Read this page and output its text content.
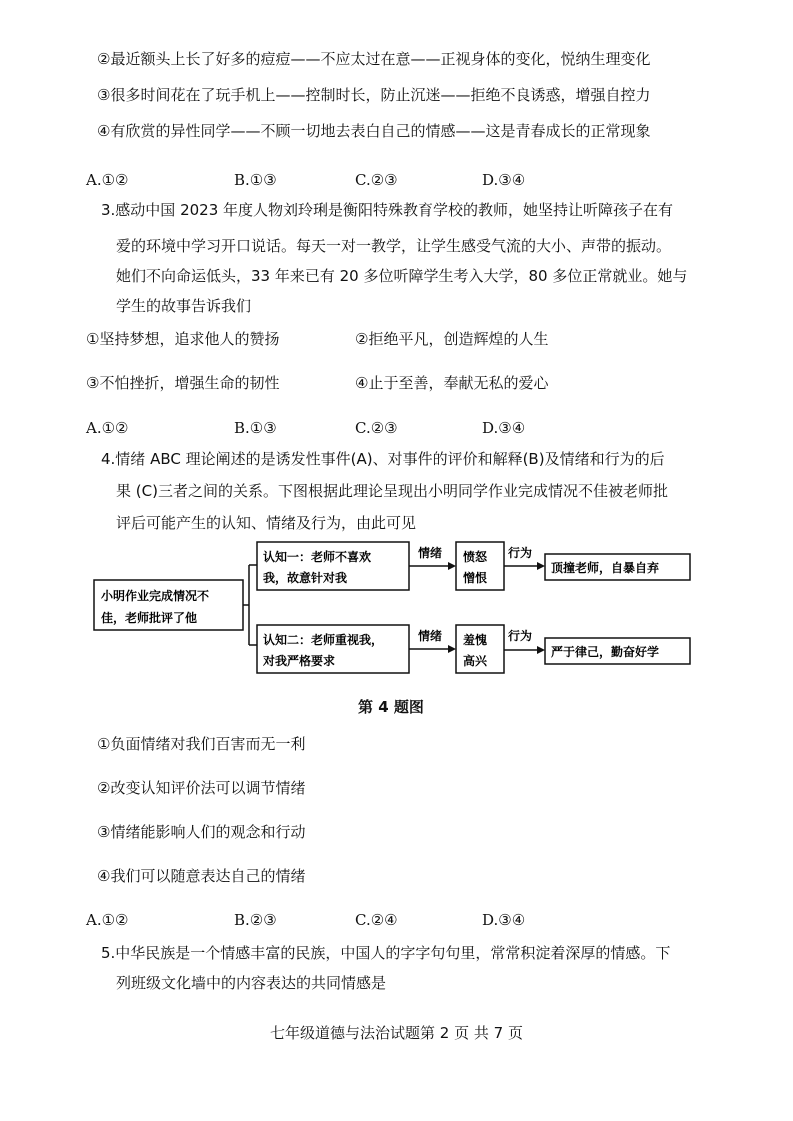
②最近额头上长了好多的痘痘——不应太过在意——正视身体的变化，悦纳生理变化
③很多时间花在了玩手机上——控制时长，防止沉迷——拒绝不良诱惑，增强自控力
④有欣赏的异性同学——不顾一切地去表白自己的情感——这是青春成长的正常现象
A.①②	B.①③	C.②③	D.③④
3.感动中国 2023 年度人物刘玲琍是衡阳特殊教育学校的教师，她坚持让听障孩子在有
爱的环境中学习开口说话。每天一对一教学，让学生感受气流的大小、声带的振动。
她们不向命运低头，33 年来已有 20 多位听障学生考入大学，80 多位正常就业。她与
学生的故事告诉我们
①坚持梦想，追求他人的赞扬	②拒绝平凡，创造辉煌的人生
③不怕挫折，增强生命的韧性	④止于至善，奉献无私的爱心
A.①②	B.①③	C.②③	D.③④
4.情绪 ABC 理论阐述的是诱发性事件(A)、对事件的评价和解释(B)及情绪和行为的后
果 (C)三者之间的关系。下图根据此理论呈现出小明同学作业完成情况不佳被老师批
评后可能产生的认知、情绪及行为，由此可见
小明作业完成情况不
佳，老师批评了他
认知一：老师不喜欢
我，故意针对我
认知二：老师重视我，
对我严格要求
情绪
情绪
行为
行为
愤怒
憎恨
羞愧
高兴
顶撞老师，自暴自弃
严于律己，勤奋好学
第 4 题图
①负面情绪对我们百害而无一利
②改变认知评价法可以调节情绪
③情绪能影响人们的观念和行动
④我们可以随意表达自己的情绪
A.①②	B.②③	C.②④	D.③④
5.中华民族是一个情感丰富的民族，中国人的字字句句里，常常积淀着深厚的情感。下
列班级文化墙中的内容表达的共同情感是
七年级道德与法治试题第 2 页 共 7 页
